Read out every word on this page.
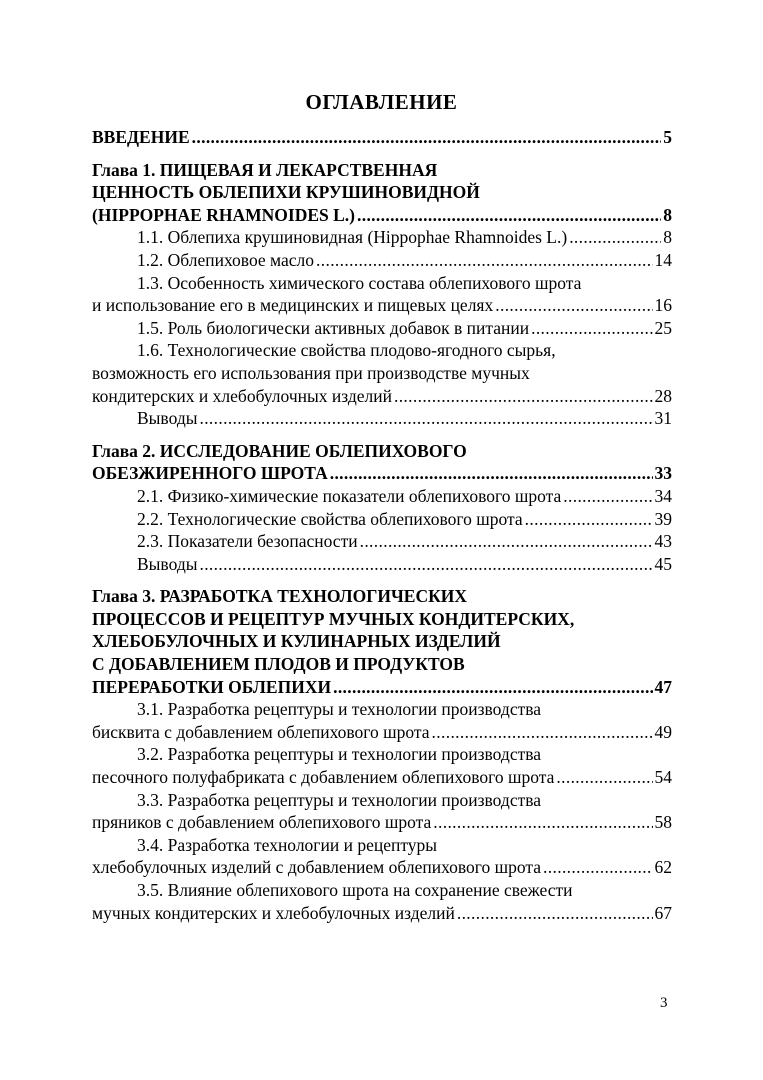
ОГЛАВЛЕНИЕ
ВВЕДЕНИЕ .....	5
Глава 1. ПИЩЕВАЯ И ЛЕКАРСТВЕННАЯ
ЦЕННОСТЬ ОБЛЕПИХИ КРУШИНОВИДНОЙ
(HIPPOPHAE RHAMNOIDES L.) .....	8
1.1. Облепиха крушиновидная (Hippophae Rhamnoides L.) .....	8
1.2. Облепиховое масло .....	14
1.3. Особенность химического состава облепихового шрота
и использование его в медицинских и пищевых целях .....	16
1.5. Роль биологически активных добавок в питании .....	25
1.6. Технологические свойства плодово-ягодного сырья,
возможность его использования при производстве мучных
кондитерских и хлебобулочных изделий .....	28
Выводы .....	31
Глава 2. ИССЛЕДОВАНИЕ ОБЛЕПИХОВОГО
ОБЕЗЖИРЕННОГО ШРОТА .....	33
2.1. Физико-химические показатели облепихового шрота .....	34
2.2. Технологические свойства облепихового шрота .....	39
2.3. Показатели безопасности .....	43
Выводы .....	45
Глава 3. РАЗРАБОТКА ТЕХНОЛОГИЧЕСКИХ
ПРОЦЕССОВ И РЕЦЕПТУР МУЧНЫХ КОНДИТЕРСКИХ,
ХЛЕБОБУЛОЧНЫХ И КУЛИНАРНЫХ ИЗДЕЛИЙ
С ДОБАВЛЕНИЕМ ПЛОДОВ И ПРОДУКТОВ
ПЕРЕРАБОТКИ ОБЛЕПИХИ .....	47
3.1. Разработка рецептуры и технологии производства
бисквита с добавлением облепихового шрота .....	49
3.2. Разработка рецептуры и технологии производства
песочного полуфабриката с добавлением облепихового шрота .....	54
3.3. Разработка рецептуры и технологии производства
пряников с добавлением облепихового шрота .....	58
3.4. Разработка технологии и рецептуры
хлебобулочных изделий с добавлением облепихового шрота .....	62
3.5. Влияние облепихового шрота на сохранение свежести
мучных кондитерских и хлебобулочных изделий .....	67
3
